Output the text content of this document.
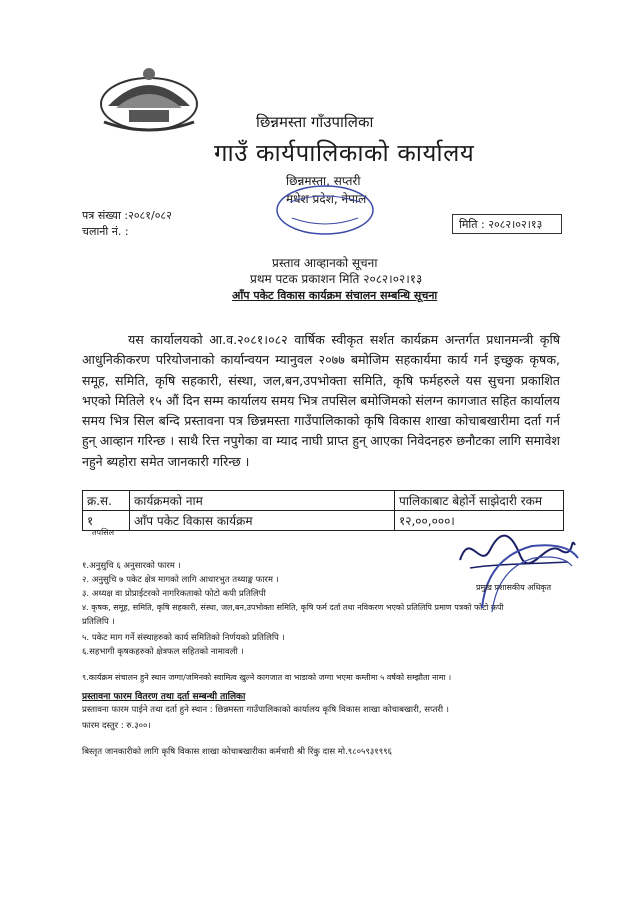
छिन्नमस्ता गाँउपालिका
गाउँ कार्यपालिकाको कार्यालय
छिन्नमस्ता, सप्तरी
मधेश प्रदेश, नेपाल
पत्र संख्या :२०८१/०८२
चलानी नं. :
मिति : २०८२।०२।१३
प्रस्ताव आव्हानको सूचना
प्रथम पटक प्रकाशन मिति २०८२।०२।१३
आँप पकेट विकास कार्यक्रम संचालन सम्बन्धि सूचना
यस कार्यालयको आ.व.२०८१।०८२ वार्षिक स्वीकृत सर्शत कार्यक्रम अन्तर्गत प्रधानमन्त्री कृषि आधुनिकीकरण परियोजनाको कार्यान्वयन म्यानुवल २०७७ बमोजिम सहकार्यमा कार्य गर्न इच्छुक कृषक, समूह, समिति, कृषि सहकारी, संस्था, जल,बन,उपभोक्ता समिति, कृषि फर्महरुले यस सुचना प्रकाशित भएको मितिले १५ औं दिन सम्म कार्यालय समय भित्र तपसिल बमोजिमको संलग्न कागजात सहित कार्यालय समय भित्र सिल बन्दि प्रस्तावना पत्र छिन्नमस्ता गाउँपालिकाको कृषि विकास शाखा कोचाबखारीमा दर्ता गर्न हुन् आव्हान गरिन्छ । साथै रित्त नपुगेका वा म्याद नाघी प्राप्त हुन् आएका निवेदनहरु छनौटका लागि समावेश नहुने ब्यहोरा समेत जानकारी गरिन्छ ।
क्र.स.	कार्यक्रमको नाम	पालिकाबाट बेहोर्ने साझेदारी रकम
१	आँप पकेट विकास कार्यक्रम	१२,००,०००।
तपसिल
१.अनुसुचि ६ अनुसारको फारम ।
२. अनुसुचि ७ पकेट क्षेत्र मागको लागि आधारभुत तथ्याङ्क फारम ।
३. अध्यक्ष वा प्रोप्राईटरको नागरिकताको फोटो कपी प्रतिलिपी
४. कृषक, समूह, समिति, कृषि सहकारी, संस्था, जल,बन,उपभोक्ता समिति, कृषि फर्म दर्ता तथा नविकरण भएको प्रतिलिपि प्रमाण पत्रको फोटो कपी
प्रतिलिपि ।
५. पकेट माग गर्ने संस्थाहरुको कार्य समितिको निर्णयको प्रतिलिपि ।
६.सहभागी कृषकहरुको क्षेत्रफल सहितको नामावली ।
९.कार्यक्रम संचालन हुने स्थान जग्गा/जमिनको स्वामित्व खुल्ने कागजात वा भाडाको जग्गा भएमा कम्तीमा ५ वर्षको सम्झौता नामा ।
प्रमुख प्रशासकीय अधिकृत
प्रस्तावना फारम वितरण तथा दर्ता सम्बन्धी तालिका
प्रस्तावना फारम पाईने तथा दर्ता हुने स्थान : छिन्नमस्ता गाउँपालिकाको कार्यालय कृषि विकास शाखा कोचाबखारी, सप्तरी ।
फारम दस्तुर : रु.३००।
बिस्तृत जानकारीको लागि कृषि विकास शाखा कोचाबखारीका कर्मचारी श्री रिंकु दास मो.९८०५९३१९९६
